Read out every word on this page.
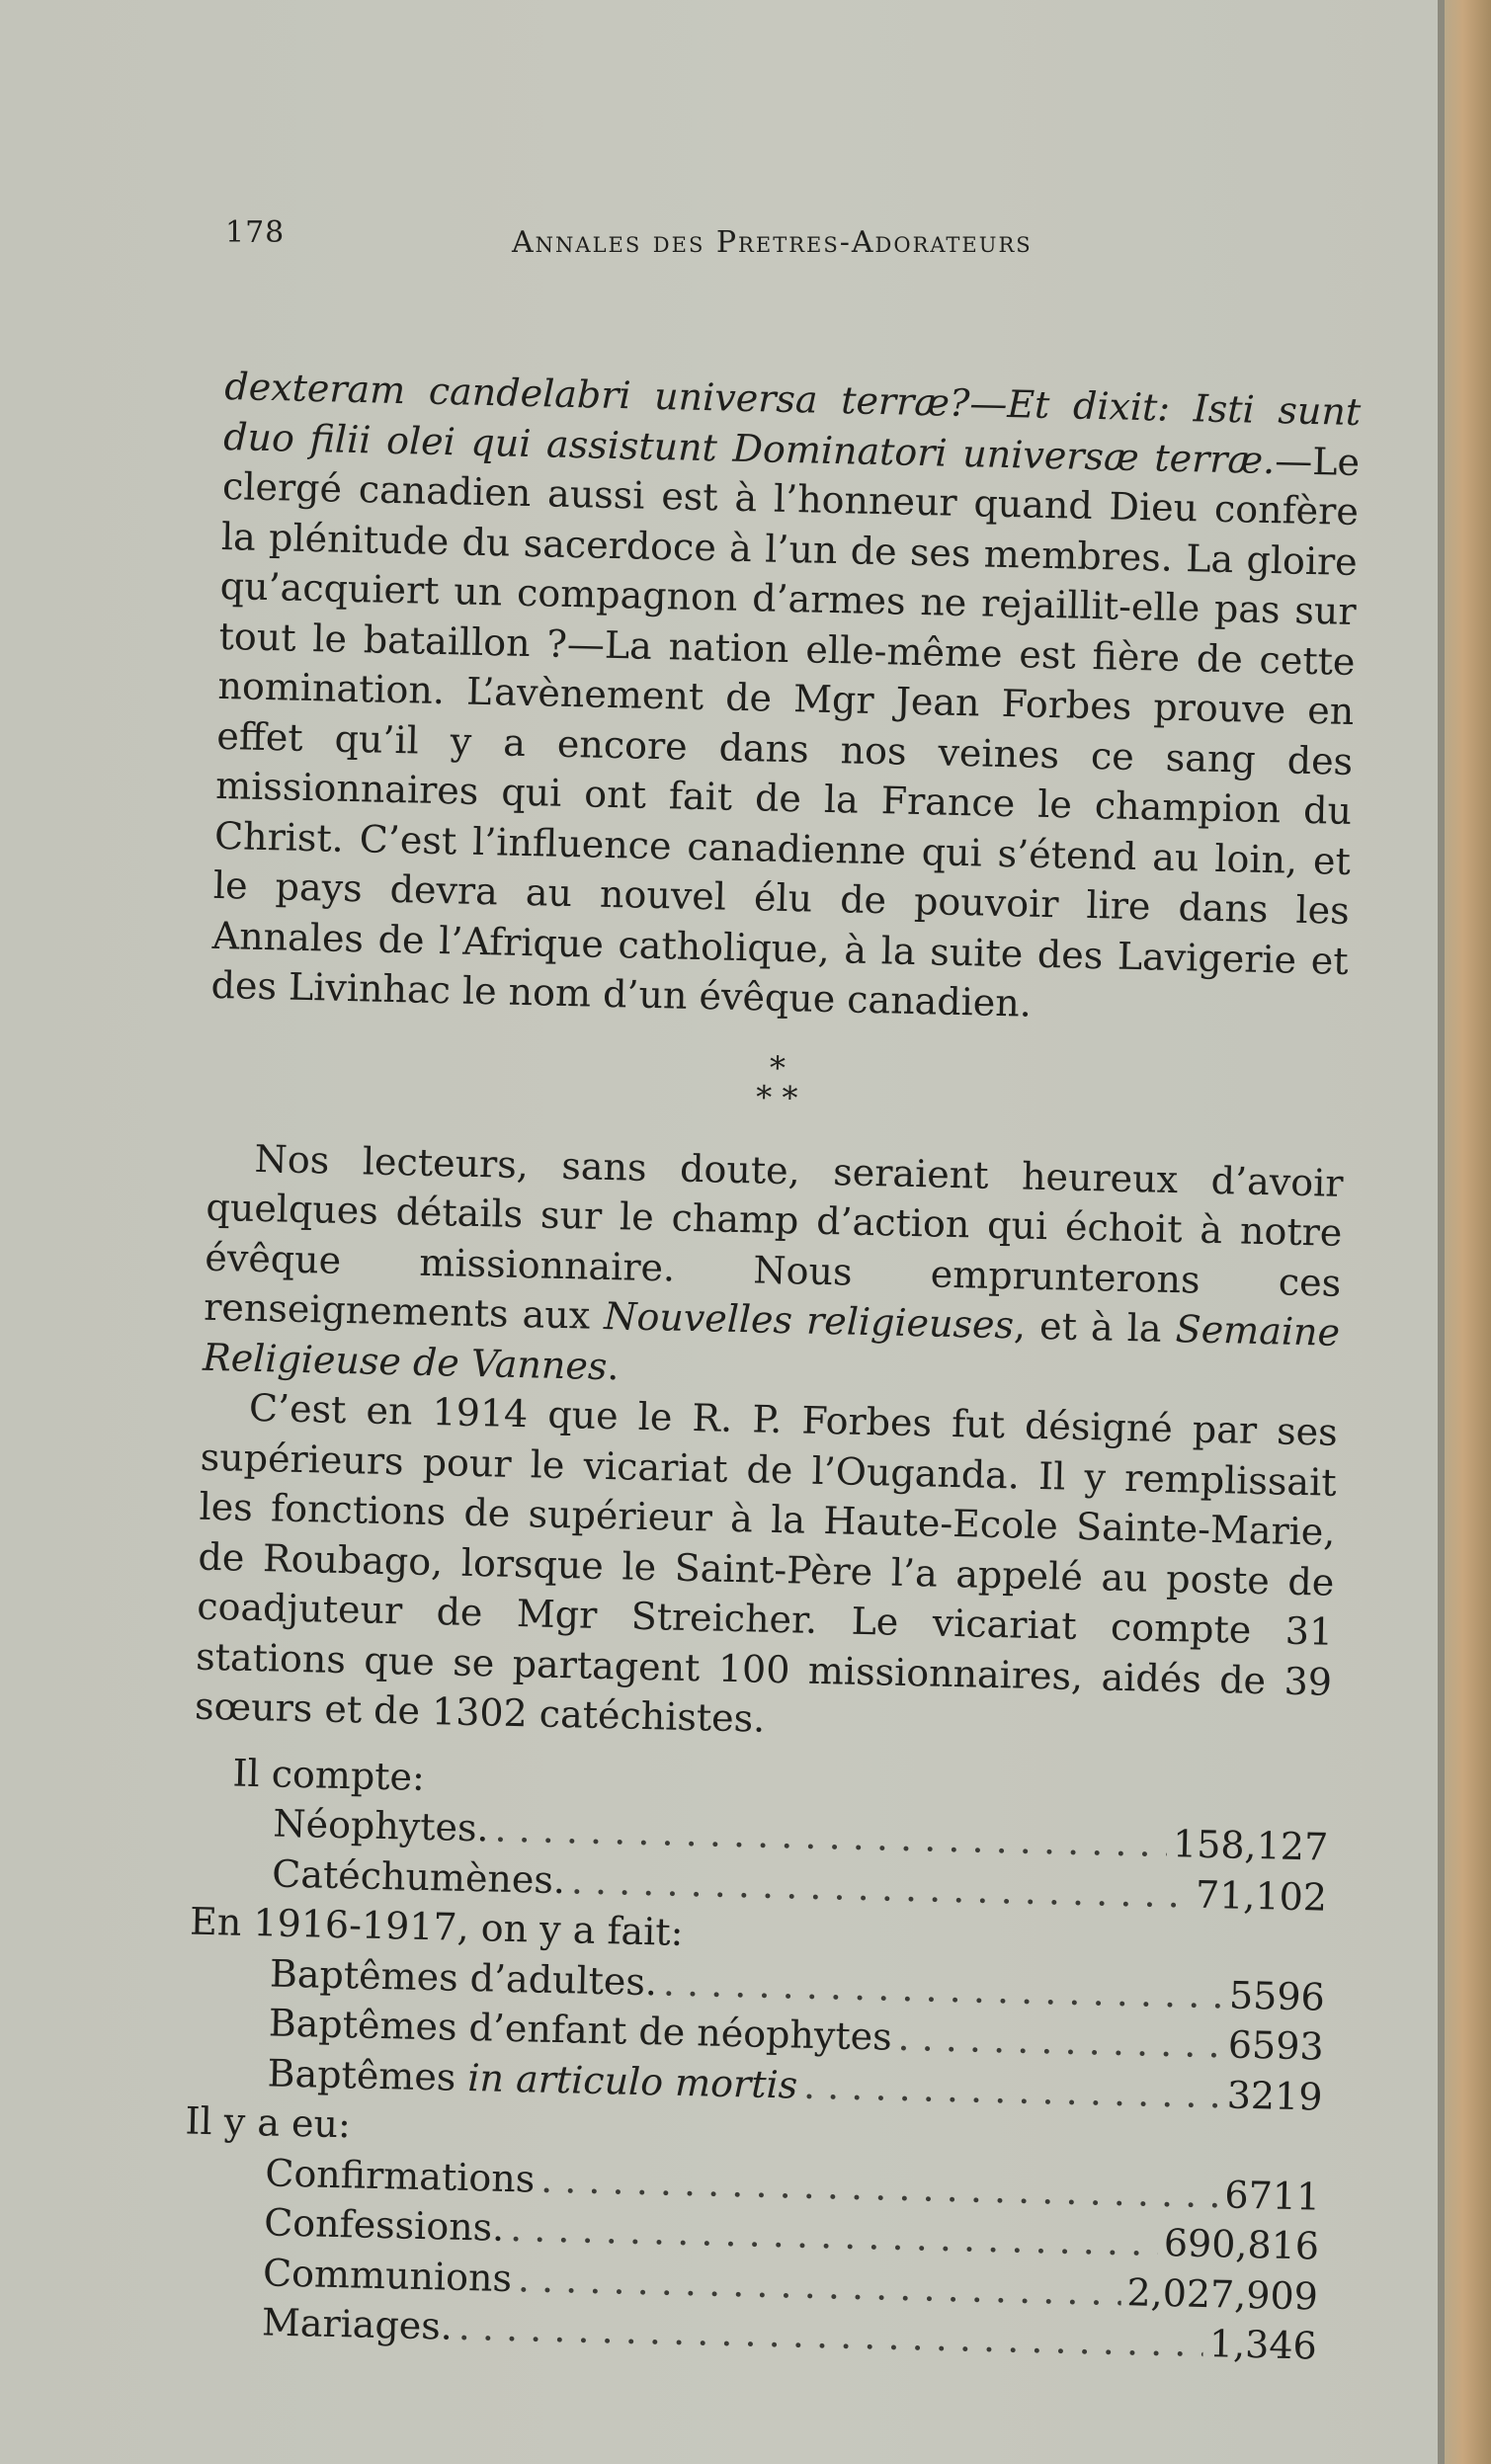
178	Annales des Pretres-Adorateurs

dexteram candelabri universa terræ?—Et dixit: Isti sunt duo filii olei qui assistunt Dominatori universæ terræ.—Le clergé canadien aussi est à l’honneur quand Dieu confère la plénitude du sacerdoce à l’un de ses membres. La gloire qu’acquiert un compagnon d’armes ne rejaillit-elle pas sur tout le bataillon ?—La nation elle-même est fière de cette nomination. L’avènement de Mgr Jean Forbes prouve en effet qu’il y a encore dans nos veines ce sang des missionnaires qui ont fait de la France le champion du Christ. C’est l’influence canadienne qui s’étend au loin, et le pays devra au nouvel élu de pouvoir lire dans les Annales de l’Afrique catholique, à la suite des Lavigerie et des Livinhac le nom d’un évêque canadien.

*
* *

Nos lecteurs, sans doute, seraient heureux d’avoir quelques détails sur le champ d’action qui échoit à notre évêque missionnaire. Nous emprunterons ces renseignements aux Nouvelles religieuses, et à la Semaine Religieuse de Vannes.

C’est en 1914 que le R. P. Forbes fut désigné par ses supérieurs pour le vicariat de l’Ouganda. Il y remplissait les fonctions de supérieur à la Haute-Ecole Sainte-Marie, de Roubago, lorsque le Saint-Père l’a appelé au poste de coadjuteur de Mgr Streicher. Le vicariat compte 31 stations que se partagent 100 missionnaires, aidés de 39 sœurs et de 1302 catéchistes.

Il compte:
Néophytes. . . .	158,127
Catéchumènes. . . .	71,102
En 1916-1917, on y a fait:
Baptêmes d’adultes. . . .	5596
Baptêmes d’enfant de néophytes . . .	6593
Baptêmes in articulo mortis . . .	3219
Il y a eu:
Confirmations . . .	6711
Confessions. . . .	690,816
Communions . . .	2,027,909
Mariages. . . .	1,346
